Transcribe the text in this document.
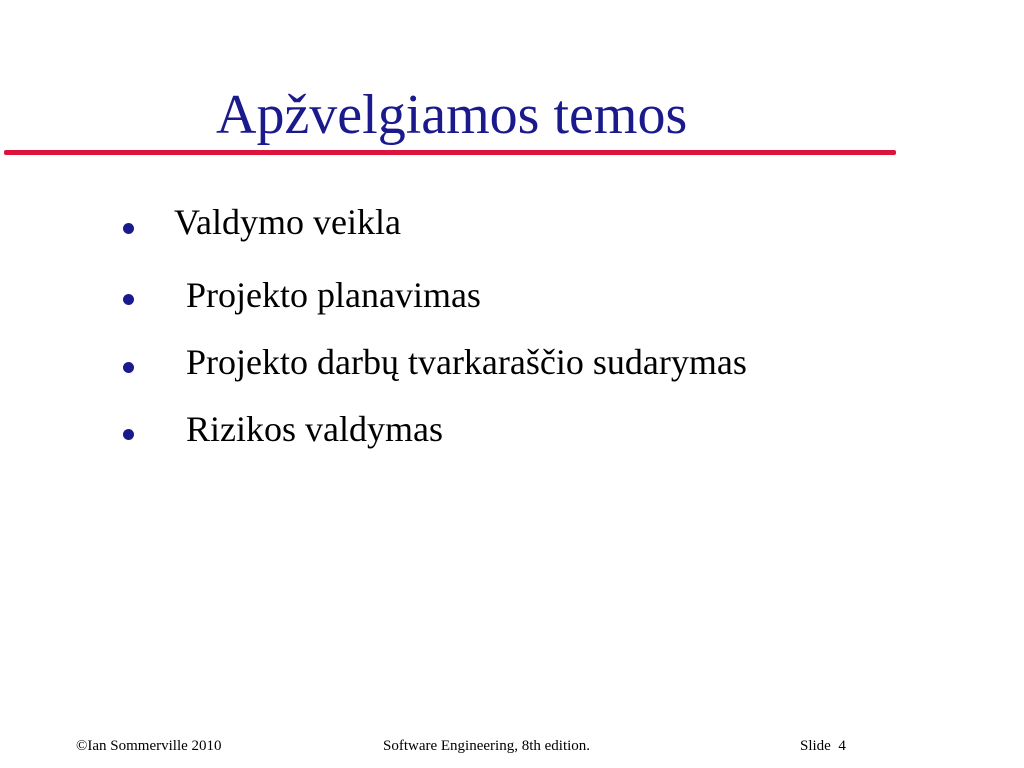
Apžvelgiamos temos
Valdymo veikla
Projekto planavimas
Projekto darbų tvarkaraščio sudarymas
Rizikos valdymas
©Ian Sommerville 2010	Software Engineering, 8th edition.	Slide  4
